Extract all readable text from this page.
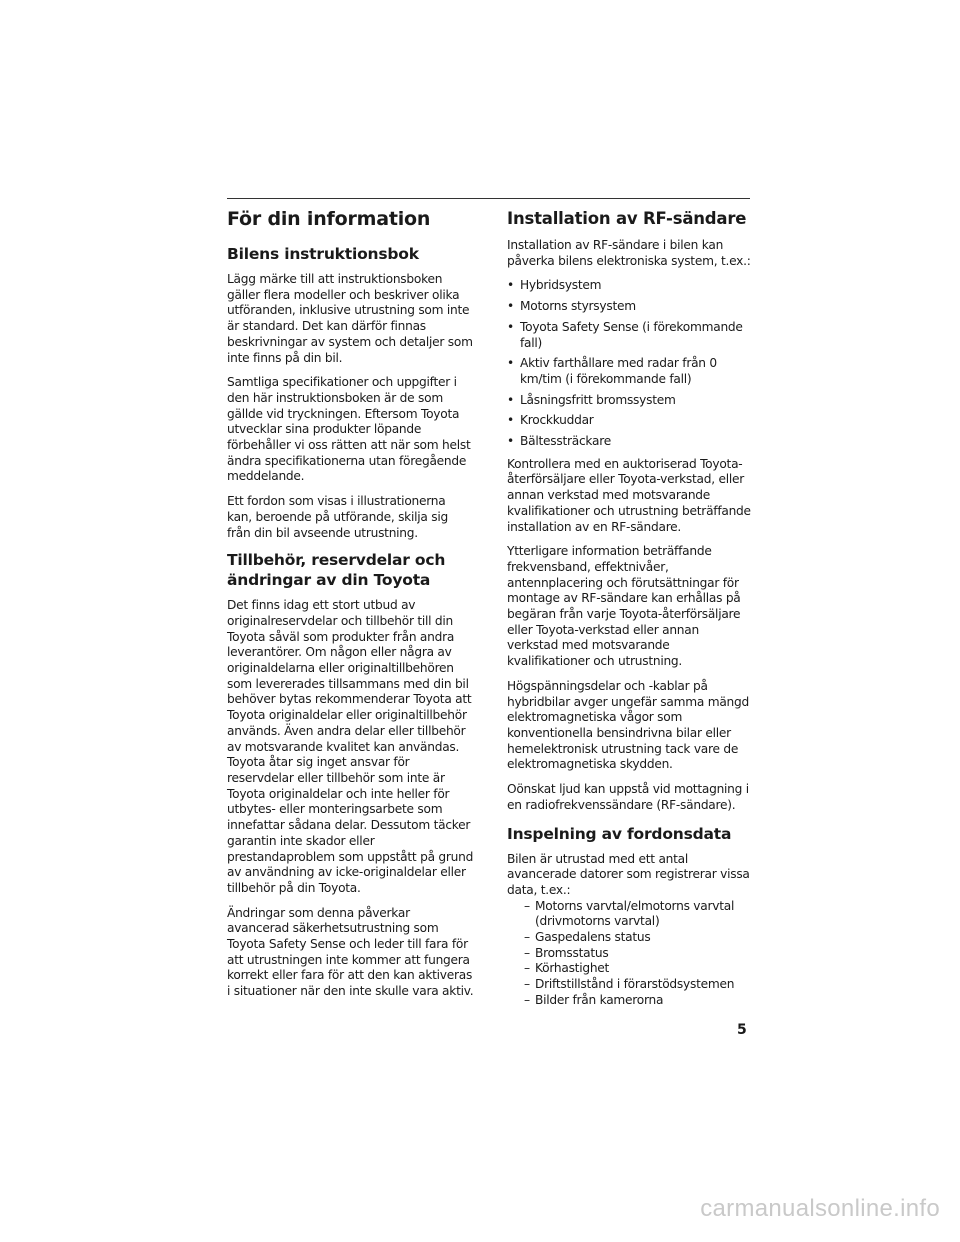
För din information
Bilens instruktionsbok

Lägg märke till att instruktionsboken gäller flera modeller och beskriver olika utföranden, inklusive utrustning som inte är standard. Det kan därför finnas beskrivningar av system och detaljer som inte finns på din bil.

Samtliga specifikationer och uppgifter i den här instruktionsboken är de som gällde vid tryckningen. Eftersom Toyota utvecklar sina produkter löpande förbehåller vi oss rätten att när som helst ändra specifikationerna utan föregående meddelande.

Ett fordon som visas i illustrationerna kan, beroende på utförande, skilja sig från din bil avseende utrustning.

Tillbehör, reservdelar och ändringar av din Toyota

Det finns idag ett stort utbud av originalreservdelar och tillbehör till din Toyota såväl som produkter från andra leverantörer. Om någon eller några av originaldelarna eller originaltillbehören som levererades tillsammans med din bil behöver bytas rekommenderar Toyota att Toyota originaldelar eller originaltillbehör används. Även andra delar eller tillbehör av motsvarande kvalitet kan användas. Toyota åtar sig inget ansvar för reservdelar eller tillbehör som inte är Toyota originaldelar och inte heller för utbytes- eller monteringsarbete som innefattar sådana delar. Dessutom täcker garantin inte skador eller prestandaproblem som uppstått på grund av användning av icke-originaldelar eller tillbehör på din Toyota.

Ändringar som denna påverkar avancerad säkerhetsutrustning som Toyota Safety Sense och leder till fara för att utrustningen inte kommer att fungera korrekt eller fara för att den kan aktiveras i situationer när den inte skulle vara aktiv.

Installation av RF-sändare

Installation av RF-sändare i bilen kan påverka bilens elektroniska system, t.ex.:

• Hybridsystem
• Motorns styrsystem
• Toyota Safety Sense (i förekommande fall)
• Aktiv farthållare med radar från 0 km/tim (i förekommande fall)
• Låsningsfritt bromssystem
• Krockkuddar
• Bältessträckare

Kontrollera med en auktoriserad Toyota-återförsäljare eller Toyota-verkstad, eller annan verkstad med motsvarande kvalifikationer och utrustning beträffande installation av en RF-sändare.

Ytterligare information beträffande frekvensband, effektnivåer, antennplacering och förutsättningar för montage av RF-sändare kan erhållas på begäran från varje Toyota-återförsäljare eller Toyota-verkstad eller annan verkstad med motsvarande kvalifikationer och utrustning.

Högspänningsdelar och -kablar på hybridbilar avger ungefär samma mängd elektromagnetiska vågor som konventionella bensindrivna bilar eller hemelektronisk utrustning tack vare de elektromagnetiska skydden.

Oönskat ljud kan uppstå vid mottagning i en radiofrekvenssändare (RF-sändare).

Inspelning av fordonsdata

Bilen är utrustad med ett antal avancerade datorer som registrerar vissa data, t.ex.:

– Motorns varvtal/elmotorns varvtal (drivmotorns varvtal)
– Gaspedalens status
– Bromsstatus
– Körhastighet
– Driftstillstånd i förarstödsystemen
– Bilder från kamerorna
5
carmanualsonline.info
